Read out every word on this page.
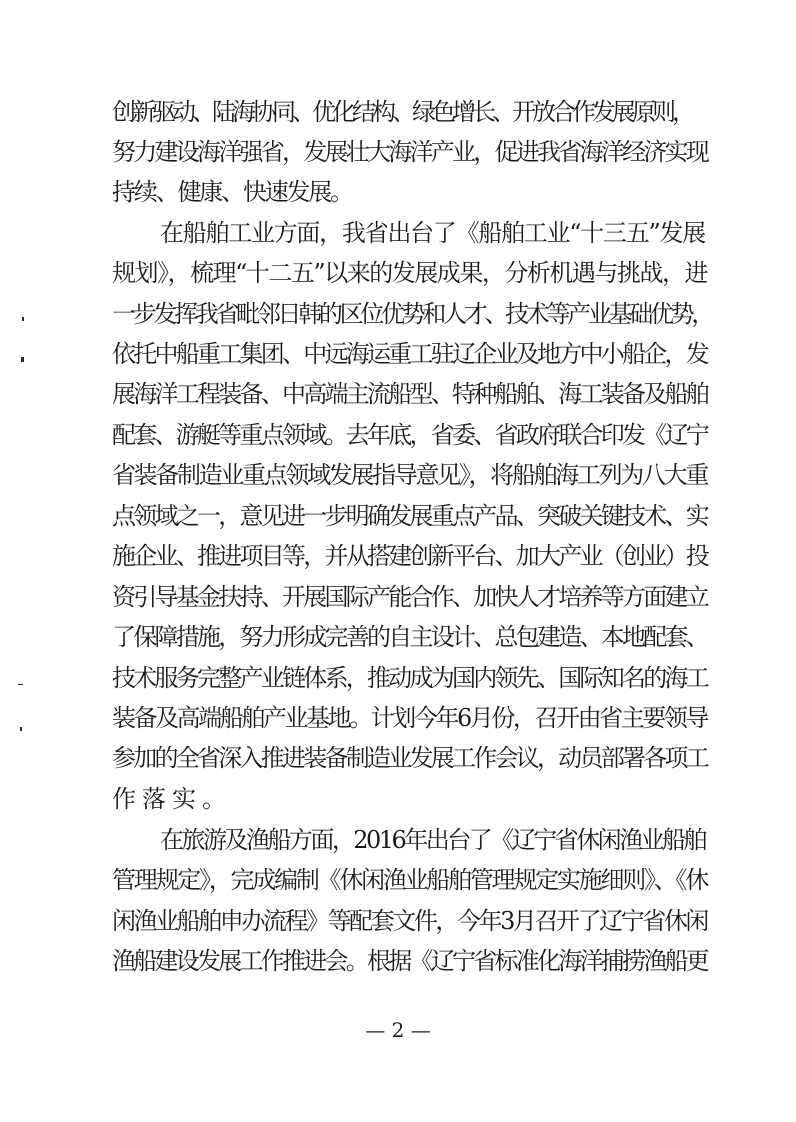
创新驱动、陆海协同、优化结构、绿色增长、开放合作发展原则，
努力建设海洋强省，发展壮大海洋产业，促进我省海洋经济实现
持续、健康、快速发展。
在船舶工业方面，我省出台了《船舶工业“十三五”发展
规划》，梳理“十二五”以来的发展成果，分析机遇与挑战，进
一步发挥我省毗邻日韩的区位优势和人才、技术等产业基础优势，
依托中船重工集团、中远海运重工驻辽企业及地方中小船企，发
展海洋工程装备、中高端主流船型、特种船舶、海工装备及船舶
配套、游艇等重点领域。去年底，省委、省政府联合印发《辽宁
省装备制造业重点领域发展指导意见》，将船舶海工列为八大重
点领域之一，意见进一步明确发展重点产品、突破关键技术、实
施企业、推进项目等，并从搭建创新平台、加大产业（创业）投
资引导基金扶持、开展国际产能合作、加快人才培养等方面建立
了保障措施，努力形成完善的自主设计、总包建造、本地配套、
技术服务完整产业链体系，推动成为国内领先、国际知名的海工
装备及高端船舶产业基地。计划今年6月份，召开由省主要领导
参加的全省深入推进装备制造业发展工作会议，动员部署各项工
作落实。
在旅游及渔船方面，2016年出台了《辽宁省休闲渔业船舶
管理规定》，完成编制《休闲渔业船舶管理规定实施细则》、《休
闲渔业船舶申办流程》等配套文件，今年3月召开了辽宁省休闲
渔船建设发展工作推进会。根据《辽宁省标准化海洋捕捞渔船更
— 2 —
